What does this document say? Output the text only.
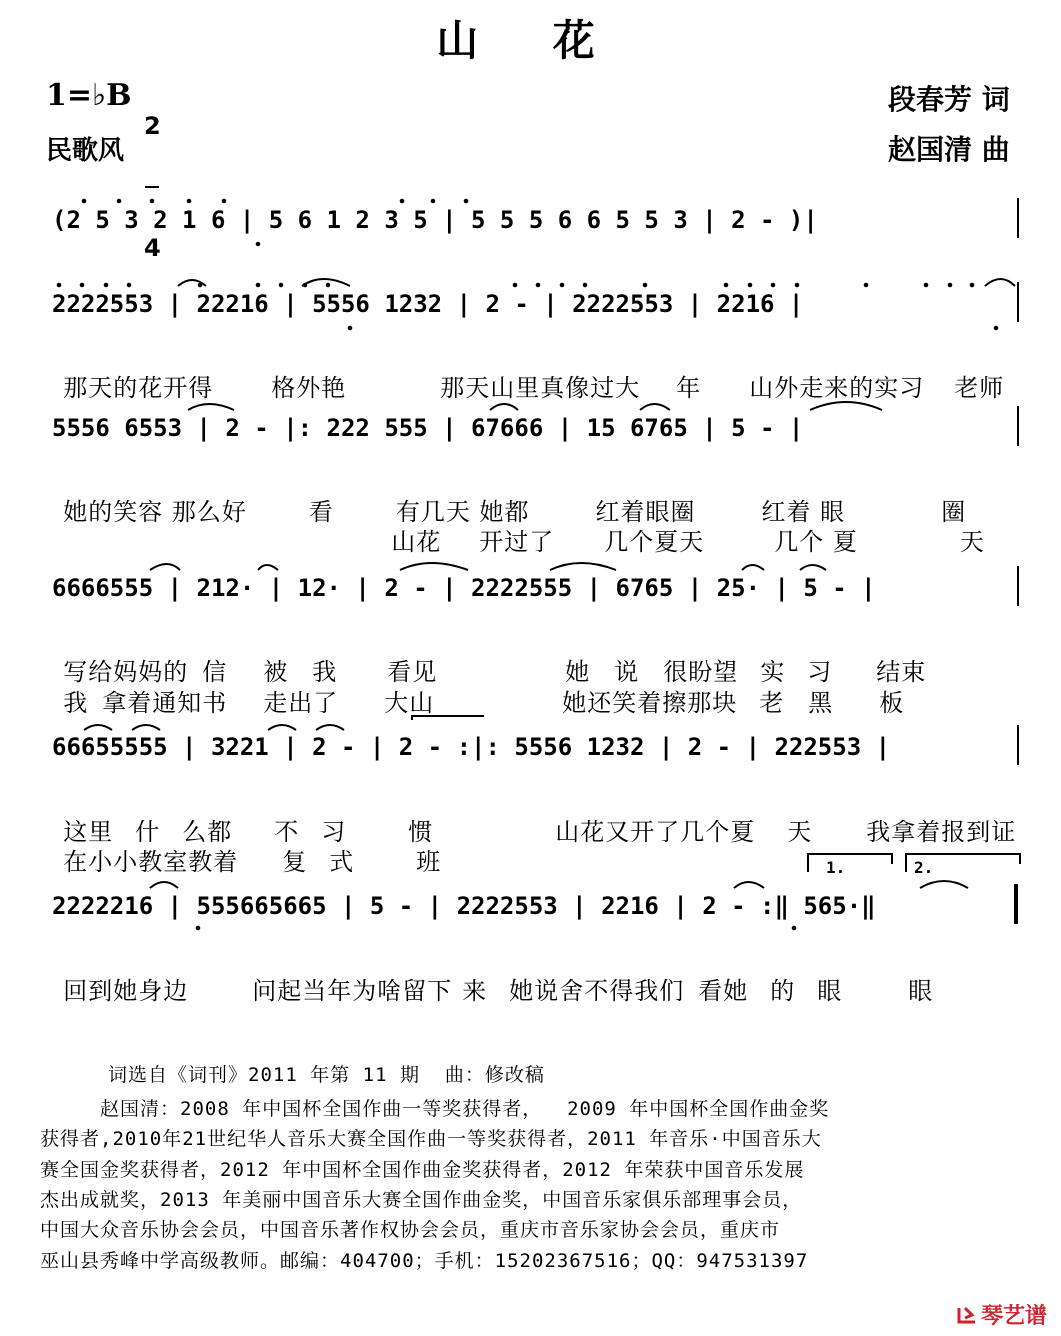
山 花
1=♭B

2

4

民歌风
段春芳 词
赵国清 曲
(2 5 3 2 1 6 | 5 6 1 2 3 5 | 5 5 5 6 6 5 5 3 | 2 - )|
2222553 | 22216 | 5556 1232 | 2 - | 2222553 | 2216 |
5556 6553 | 2 - |: 222 555 | 67666 | 15 6765 | 5 - |
6666555 | 212· | 12· | 2 - | 2222555 | 6765 | 25· | 5 - |
66655555 | 3221 | 2 - | 2 - :|: 5556 1232 | 2 - | 222553 |
2222216 | 555665665 | 5 - | 2222553 | 2216 | 2 - :‖ 565·‖

那天的花开得 格外艳	那天山里真像过大 年 山外走来的实习 老师

她的笑容 那么好	看	有几天 她都	红着眼圈	红着 眼	圈

山花 开过了 几个夏天	几个 夏	天

写给妈妈的 信 被 我 看见	她 说 很盼望 实 习 结束

我 拿着通知书 走出了 大山	她还笑着擦那块 老 黑 板

这里 什 么都 不 习	惯	山花又开了几个夏 天 我拿着报到证

在小小教室教着 复 式	班

回到她身边	问起当年为啥留下 来 她说舍不得我们 看她 的 眼	眼

1.	2.
词选自《词刊》2011 年第 11 期  曲：修改稿
赵国清：2008 年中国杯全国作曲一等奖获得者，  2009 年中国杯全国作曲金奖
获得者,2010年21世纪华人音乐大赛全国作曲一等奖获得者，2011 年音乐·中国音乐大
赛全国金奖获得者，2012 年中国杯全国作曲金奖获得者，2012 年荣获中国音乐发展
杰出成就奖，2013 年美丽中国音乐大赛全国作曲金奖，中国音乐家俱乐部理事会员，
中国大众音乐协会会员，中国音乐著作权协会会员，重庆市音乐家协会会员，重庆市
巫山县秀峰中学高级教师。邮编：404700；手机：15202367516；QQ：947531397

琴艺谱
